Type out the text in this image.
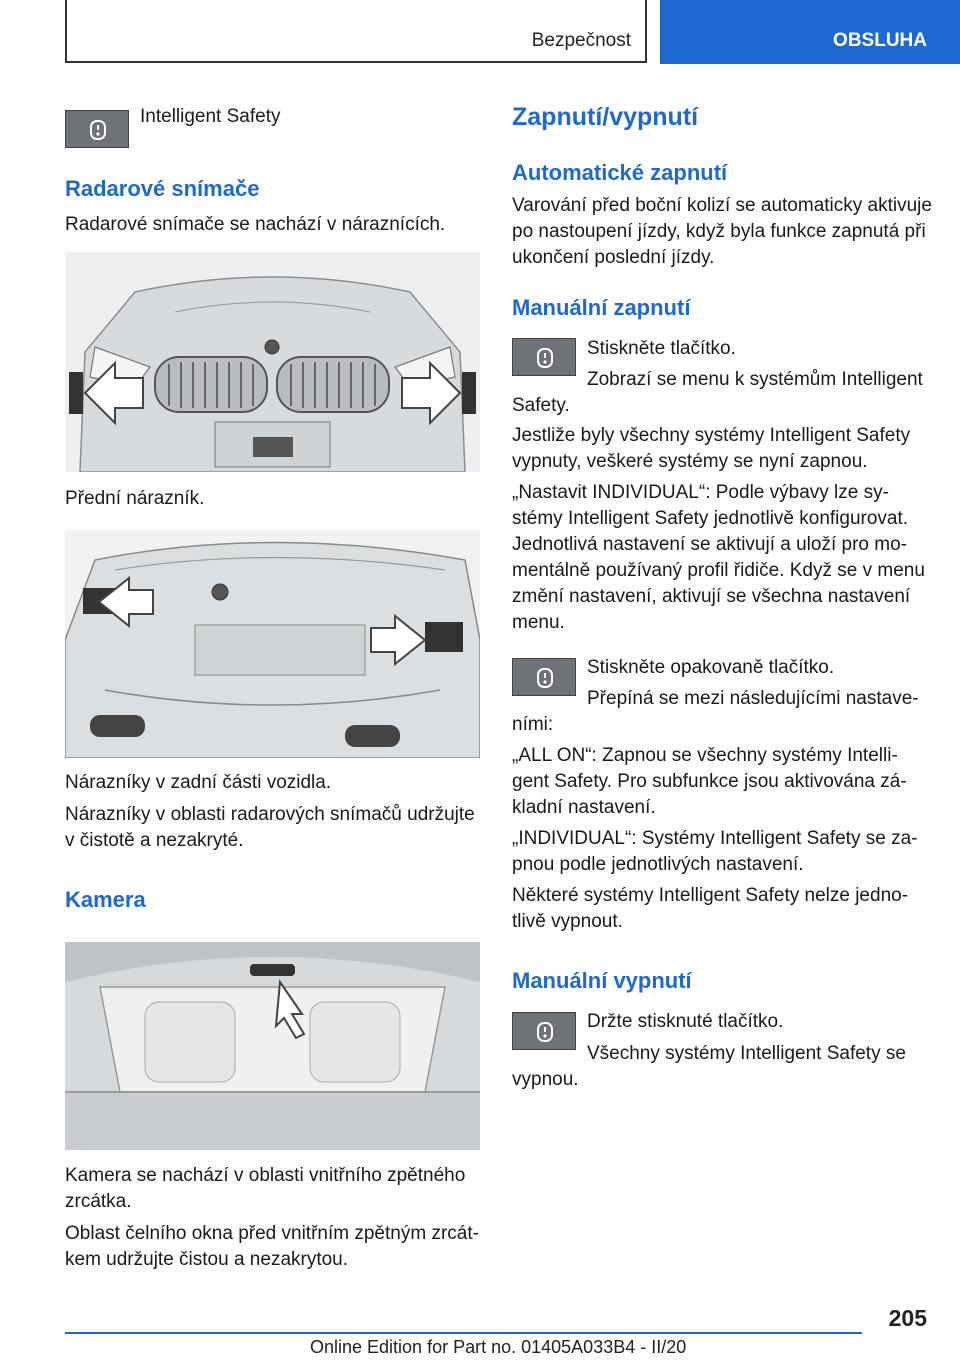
Bezpečnost	OBSLUHA

Intelligent Safety

Radarové snímače

Radarové snímače se nachází v náraznících.

Přední nárazník.

Nárazníky v zadní části vozidla.

Nárazníky v oblasti radarových snímačů udržujte

v čistotě a nezakryté.

Kamera

Kamera se nachází v oblasti vnitřního zpětného

zrcátka.

Oblast čelního okna před vnitřním zpětným zrcát‐

kem udržujte čistou a nezakrytou.

Zapnutí/vypnutí
Automatické zapnutí

Varování před boční kolizí se automaticky aktivuje

po nastoupení jízdy, když byla funkce zapnutá při

ukončení poslední jízdy.

Manuální zapnutí

Stiskněte tlačítko.

Zobrazí se menu k systémům Intelligent

Safety.

Jestliže byly všechny systémy Intelligent Safety

vypnuty, veškeré systémy se nyní zapnou.

„Nastavit INDIVIDUAL“: Podle výbavy lze sy‐

stémy Intelligent Safety jednotlivě konfigurovat.

Jednotlivá nastavení se aktivují a uloží pro mo‐

mentálně používaný profil řidiče. Když se v menu

změní nastavení, aktivují se všechna nastavení

menu.

Stiskněte opakovaně tlačítko.

Přepíná se mezi následujícími nastave‐

ními:

„ALL ON“: Zapnou se všechny systémy Intelli‐

gent Safety. Pro subfunkce jsou aktivována zá‐

kladní nastavení.

„INDIVIDUAL“: Systémy Intelligent Safety se za‐

pnou podle jednotlivých nastavení.

Některé systémy Intelligent Safety nelze jedno‐

tlivě vypnout.

Manuální vypnutí

Držte stisknuté tlačítko.

Všechny systémy Intelligent Safety se

vypnou.

205
Online Edition for Part no. 01405A033B4 - II/20
